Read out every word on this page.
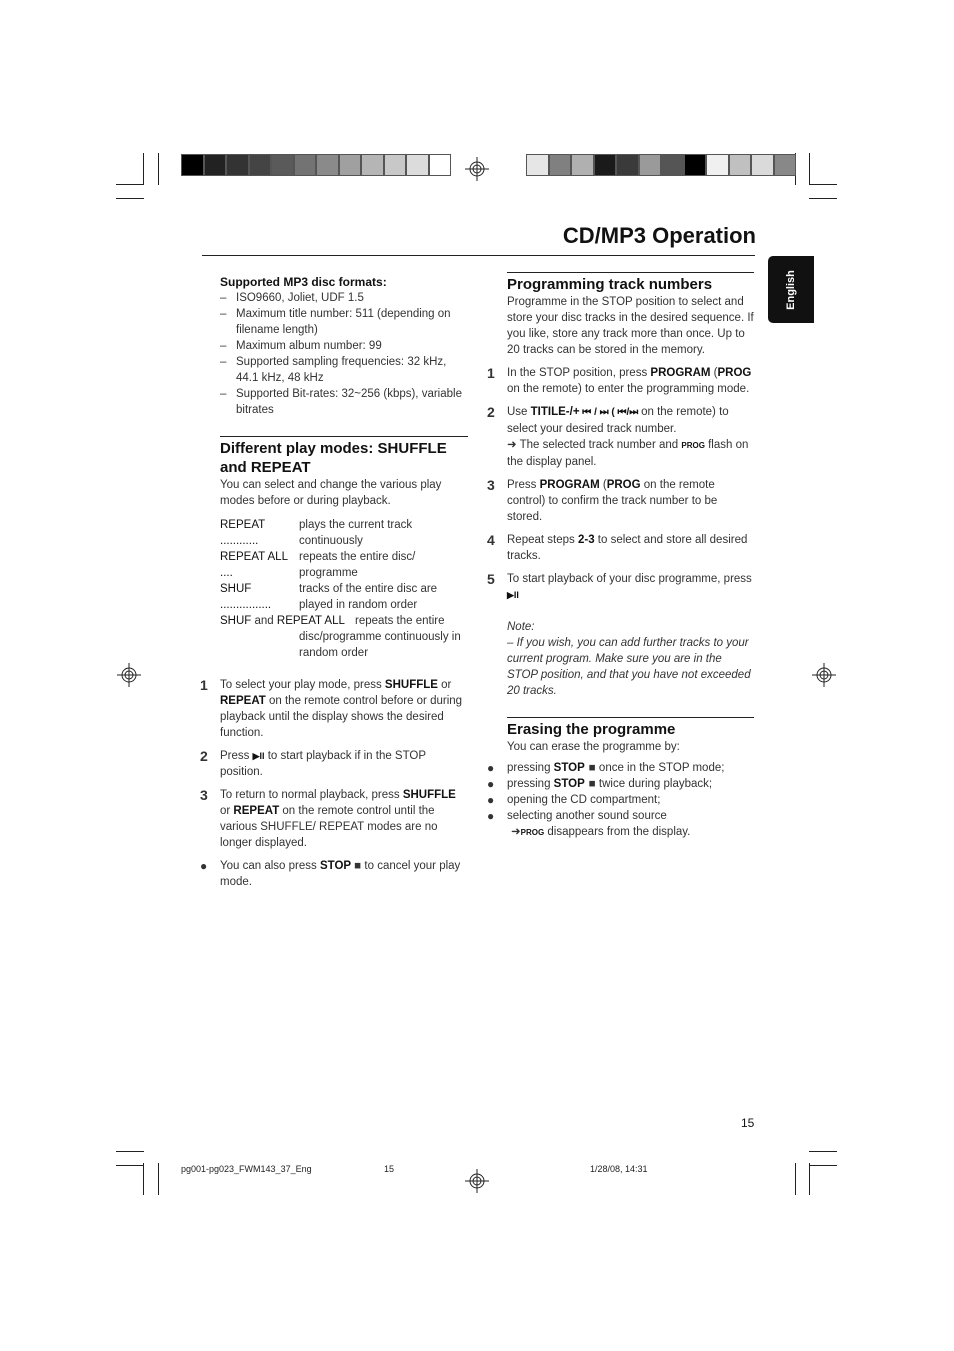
CD/MP3 Operation
English
Supported MP3 disc formats:
– ISO9660, Joliet, UDF 1.5
– Maximum title number: 511 (depending on filename length)
– Maximum album number: 99
– Supported sampling frequencies: 32 kHz, 44.1 kHz, 48 kHz
– Supported Bit-rates: 32~256 (kbps), variable bitrates
Different play modes: SHUFFLE
and REPEAT
You can select and change the various play modes before or during playback.
REPEAT ............
plays the current track continuously
REPEAT ALL ....
repeats the entire disc/ programme
SHUF ................
tracks of the entire disc are played in random order
SHUF and REPEAT ALL repeats the entire disc/programme continuously in random order
1 To select your play mode, press SHUFFLE or REPEAT on the remote control before or during playback until the display shows the desired function.
2 Press ▶II to start playback if in the STOP position.
3 To return to normal playback, press SHUFFLE or REPEAT on the remote control until the various SHUFFLE/ REPEAT modes are no longer displayed.
● You can also press STOP ■ to cancel your play mode.
Programming track numbers
Programme in the STOP position to select and store your disc tracks in the desired sequence. If you like, store any track more than once. Up to 20 tracks can be stored in the memory.
1 In the STOP position, press PROGRAM (PROG on the remote) to enter the programming mode.
2 Use TITILE-/+ ⏮ / ⏭ ( ⏮/⏭ on the remote) to select your desired track number.
➜ The selected track number and PROG flash on the display panel.
3 Press PROGRAM (PROG on the remote control) to confirm the track number to be stored.
4 Repeat steps 2-3 to select and store all desired tracks.
5 To start playback of your disc programme, press
▶II
Note:
– If you wish, you can add further tracks to your current program. Make sure you are in the STOP position, and that you have not exceeded 20 tracks.
Erasing the programme
You can erase the programme by:
● pressing STOP ■ once in the STOP mode;
● pressing STOP ■ twice during playback;
● opening the CD compartment;
● selecting another sound source
➜PROG disappears from the display.
15
pg001-pg023_FWM143_37_Eng	15	1/28/08, 14:31
